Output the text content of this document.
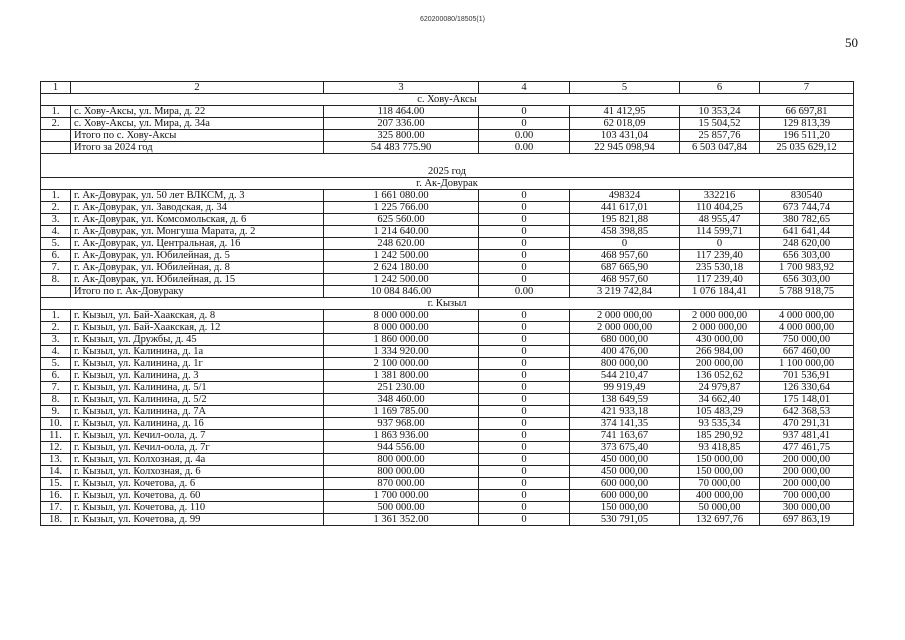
620200080/18505(1)
50
1	2	3	4	5	6	7
с. Хову-Аксы						
1.	с. Хову-Аксы, ул. Мира, д. 22	118 464.00	0	41 412,95	10 353,24	66 697,81
2.	с. Хову-Аксы, ул. Мира, д. 34а	207 336.00	0	62 018,09	15 504,52	129 813,39
	Итого по с. Хову-Аксы	325 800.00	0.00	103 431,04	25 857,76	196 511,20
	Итого за 2024 год	54 483 775.90	0.00	22 945 098,94	6 503 047,84	25 035 629,12
2025 год						
г. Ак-Довурак						
1.	г. Ак-Довурак, ул. 50 лет ВЛКСМ, д. 3	1 661 080.00	0	498324	332216	830540
2.	г. Ак-Довурак, ул. Заводская, д. 34	1 225 766.00	0	441 617,01	110 404,25	673 744,74
3.	г. Ак-Довурак, ул. Комсомольская, д. 6	625 560.00	0	195 821,88	48 955,47	380 782,65
4.	г. Ак-Довурак, ул. Монгуша Марата, д. 2	1 214 640.00	0	458 398,85	114 599,71	641 641,44
5.	г. Ак-Довурак, ул. Центральная, д. 16	248 620.00	0	0	0	248 620,00
6.	г. Ак-Довурак, ул. Юбилейная, д. 5	1 242 500.00	0	468 957,60	117 239,40	656 303,00
7.	г. Ак-Довурак, ул. Юбилейная, д. 8	2 624 180.00	0	687 665,90	235 530,18	1 700 983,92
8.	г. Ак-Довурак, ул. Юбилейная, д. 15	1 242 500.00	0	468 957,60	117 239,40	656 303,00
	Итого по г. Ак-Довураку	10 084 846.00	0.00	3 219 742,84	1 076 184,41	5 788 918,75
г. Кызыл						
1.	г. Кызыл, ул. Бай-Хаакская, д. 8	8 000 000.00	0	2 000 000,00	2 000 000,00	4 000 000,00
2.	г. Кызыл, ул. Бай-Хаакская, д. 12	8 000 000.00	0	2 000 000,00	2 000 000,00	4 000 000,00
3.	г. Кызыл, ул. Дружбы, д. 45	1 860 000.00	0	680 000,00	430 000,00	750 000,00
4.	г. Кызыл, ул. Калинина, д. 1а	1 334 920.00	0	400 476,00	266 984,00	667 460,00
5.	г. Кызыл, ул. Калинина, д. 1г	2 100 000.00	0	800 000,00	200 000,00	1 100 000,00
6.	г. Кызыл, ул. Калинина, д. 3	1 381 800.00	0	544 210,47	136 052,62	701 536,91
7.	г. Кызыл, ул. Калинина, д. 5/1	251 230.00	0	99 919,49	24 979,87	126 330,64
8.	г. Кызыл, ул. Калинина, д. 5/2	348 460.00	0	138 649,59	34 662,40	175 148,01
9.	г. Кызыл, ул. Калинина, д. 7А	1 169 785.00	0	421 933,18	105 483,29	642 368,53
10.	г. Кызыл, ул. Калинина, д. 16	937 968.00	0	374 141,35	93 535,34	470 291,31
11.	г. Кызыл, ул. Кечил-оола, д. 7	1 863 936.00	0	741 163,67	185 290,92	937 481,41
12.	г. Кызыл, ул. Кечил-оола, д. 7г	944 556.00	0	373 675,40	93 418,85	477 461,75
13.	г. Кызыл, ул. Колхозная, д. 4а	800 000.00	0	450 000,00	150 000,00	200 000,00
14.	г. Кызыл, ул. Колхозная, д. 6	800 000.00	0	450 000,00	150 000,00	200 000,00
15.	г. Кызыл, ул. Кочетова, д. 6	870 000.00	0	600 000,00	70 000,00	200 000,00
16.	г. Кызыл, ул. Кочетова, д. 60	1 700 000.00	0	600 000,00	400 000,00	700 000,00
17.	г. Кызыл, ул. Кочетова, д. 110	500 000.00	0	150 000,00	50 000,00	300 000,00
18.	г. Кызыл, ул. Кочетова, д. 99	1 361 352.00	0	530 791,05	132 697,76	697 863,19
